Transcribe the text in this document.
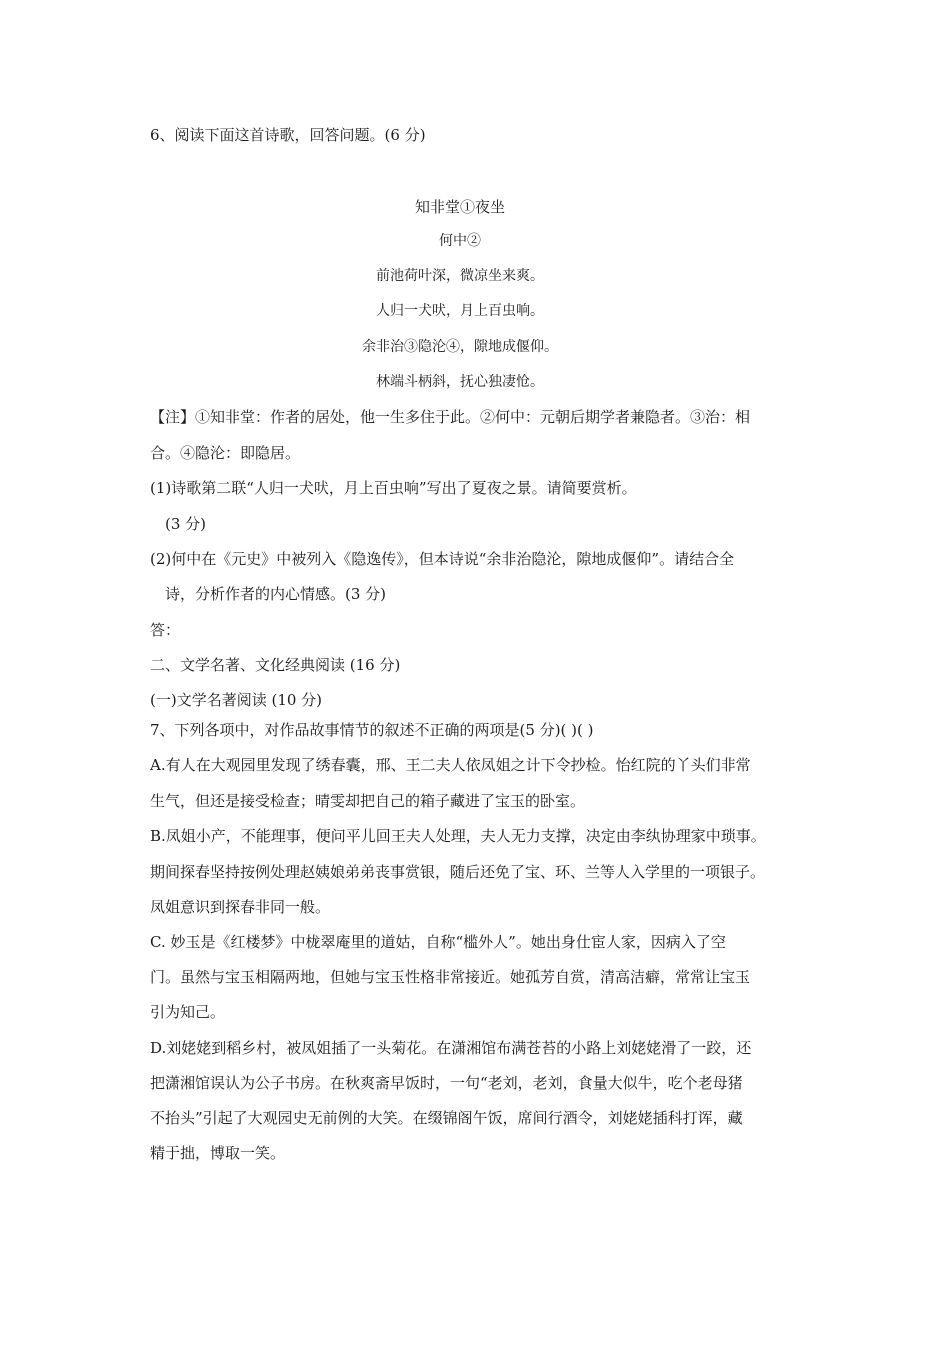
6、阅读下面这首诗歌，回答问题。(6 分)
知非堂①夜坐
何中②
前池荷叶深，微凉坐来爽。
人归一犬吠，月上百虫响。
余非治③隐沦④，隙地成偃仰。
林端斗柄斜，抚心独凄怆。
【注】①知非堂：作者的居处，他一生多住于此。②何中：元朝后期学者兼隐者。③治：相
合。④隐沦：即隐居。
(1)诗歌第二联“人归一犬吠，月上百虫响”写出了夏夜之景。请简要赏析。
(3 分)
(2)何中在《元史》中被列入《隐逸传》，但本诗说“余非治隐沦，隙地成偃仰”。请结合全
诗，分析作者的内心情感。(3 分)
答：
二、文学名著、文化经典阅读 (16 分)
(一)文学名著阅读 (10 分)
7、下列各项中，对作品故事情节的叙述不正确的两项是(5 分)( )( )
A.有人在大观园里发现了绣春囊，邢、王二夫人依凤姐之计下令抄检。怡红院的丫头们非常
生气，但还是接受检查；晴雯却把自己的箱子藏进了宝玉的卧室。
B.凤姐小产，不能理事，便问平儿回王夫人处理，夫人无力支撑，决定由李纨协理家中琐事。
期间探春坚持按例处理赵姨娘弟弟丧事赏银，随后还免了宝、环、兰等人入学里的一项银子。
凤姐意识到探春非同一般。
C. 妙玉是《红楼梦》中栊翠庵里的道姑，自称“槛外人”。她出身仕宦人家，因病入了空
门。虽然与宝玉相隔两地，但她与宝玉性格非常接近。她孤芳自赏，清高洁癖，常常让宝玉
引为知己。
D.刘姥姥到稻乡村，被凤姐插了一头菊花。在潇湘馆布满苍苔的小路上刘姥姥滑了一跤，还
把潇湘馆误认为公子书房。在秋爽斋早饭时，一句“老刘，老刘，食量大似牛，吃个老母猪
不抬头”引起了大观园史无前例的大笑。在缀锦阁午饭，席间行酒令，刘姥姥插科打诨，藏
精于拙，博取一笑。
